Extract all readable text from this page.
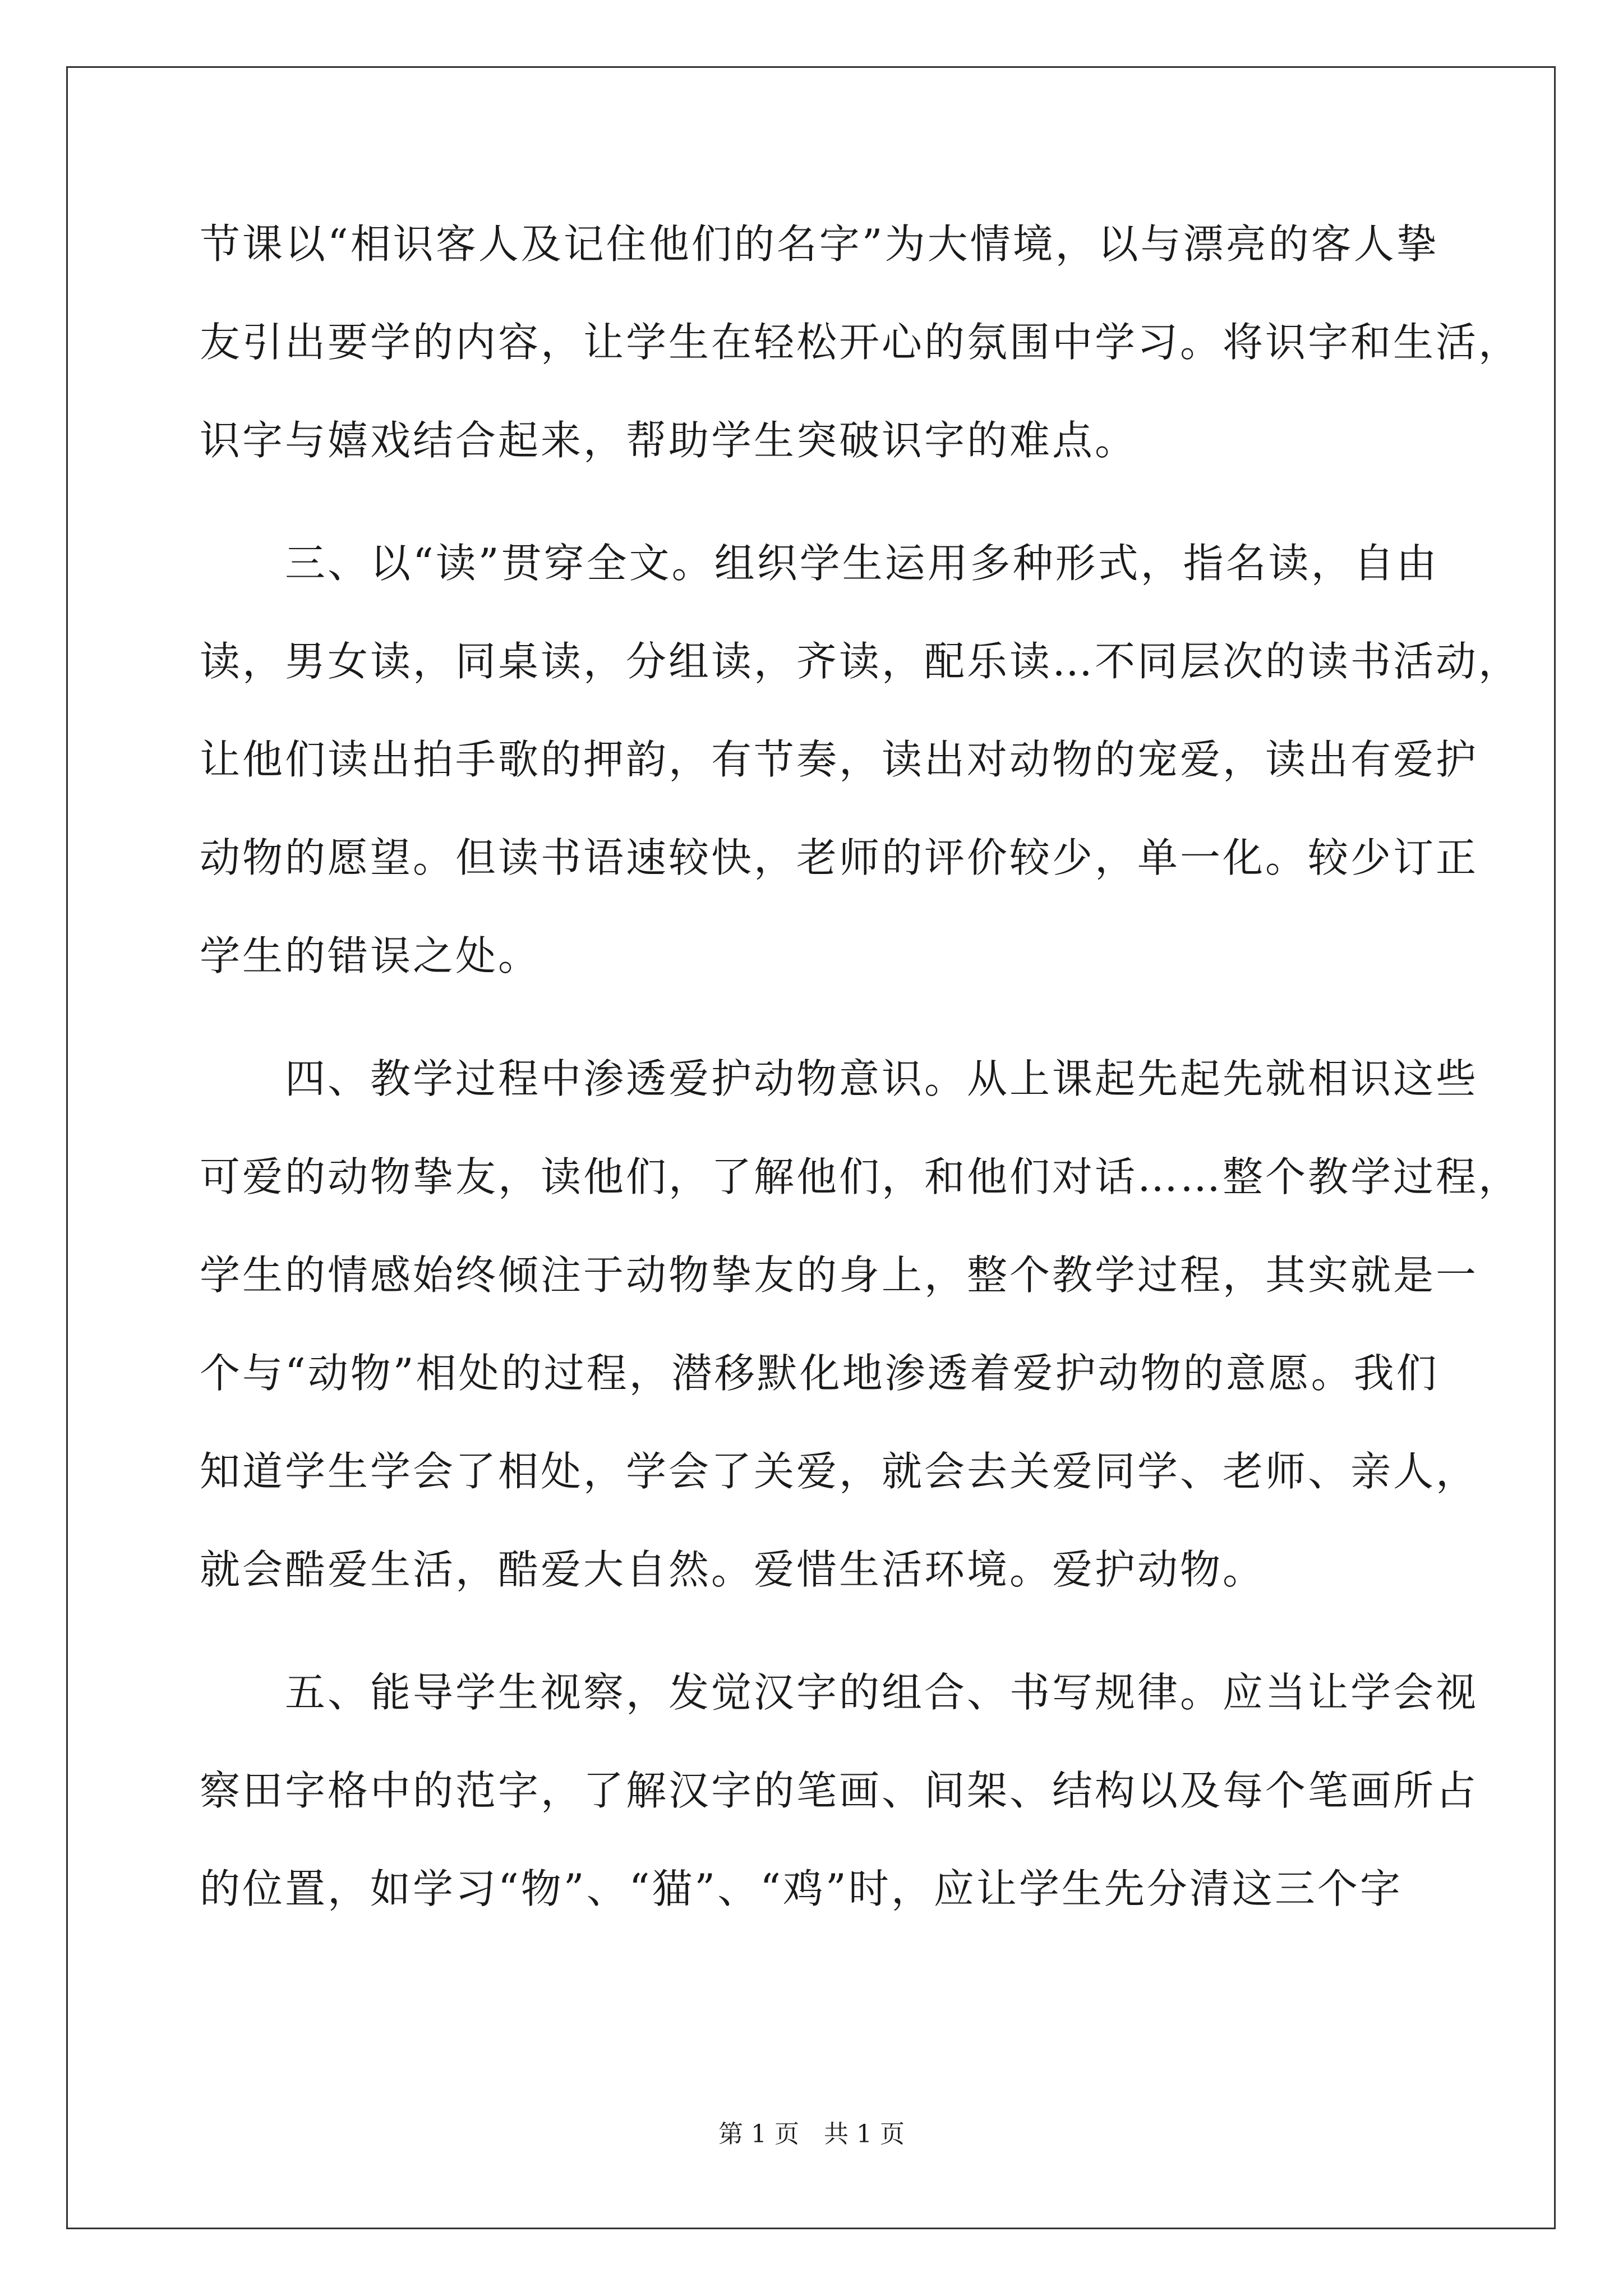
节课以“相识客人及记住他们的名字”为大情境，以与漂亮的客人挚
友引出要学的内容，让学生在轻松开心的氛围中学习。将识字和生活，
识字与嬉戏结合起来，帮助学生突破识字的难点。
　　三、以“读”贯穿全文。组织学生运用多种形式，指名读，自由
读，男女读，同桌读，分组读，齐读，配乐读…不同层次的读书活动，
让他们读出拍手歌的押韵，有节奏，读出对动物的宠爱，读出有爱护
动物的愿望。但读书语速较快，老师的评价较少，单一化。较少订正
学生的错误之处。
　　四、教学过程中渗透爱护动物意识。从上课起先起先就相识这些
可爱的动物挚友，读他们，了解他们，和他们对话……整个教学过程，
学生的情感始终倾注于动物挚友的身上，整个教学过程，其实就是一
个与“动物”相处的过程，潜移默化地渗透着爱护动物的意愿。我们
知道学生学会了相处，学会了关爱，就会去关爱同学、老师、亲人，
就会酷爱生活，酷爱大自然。爱惜生活环境。爱护动物。
　　五、能导学生视察，发觉汉字的组合、书写规律。应当让学会视
察田字格中的范字，了解汉字的笔画、间架、结构以及每个笔画所占
的位置，如学习“物”、“猫”、“鸡”时，应让学生先分清这三个字
第 1 页　共 1 页
